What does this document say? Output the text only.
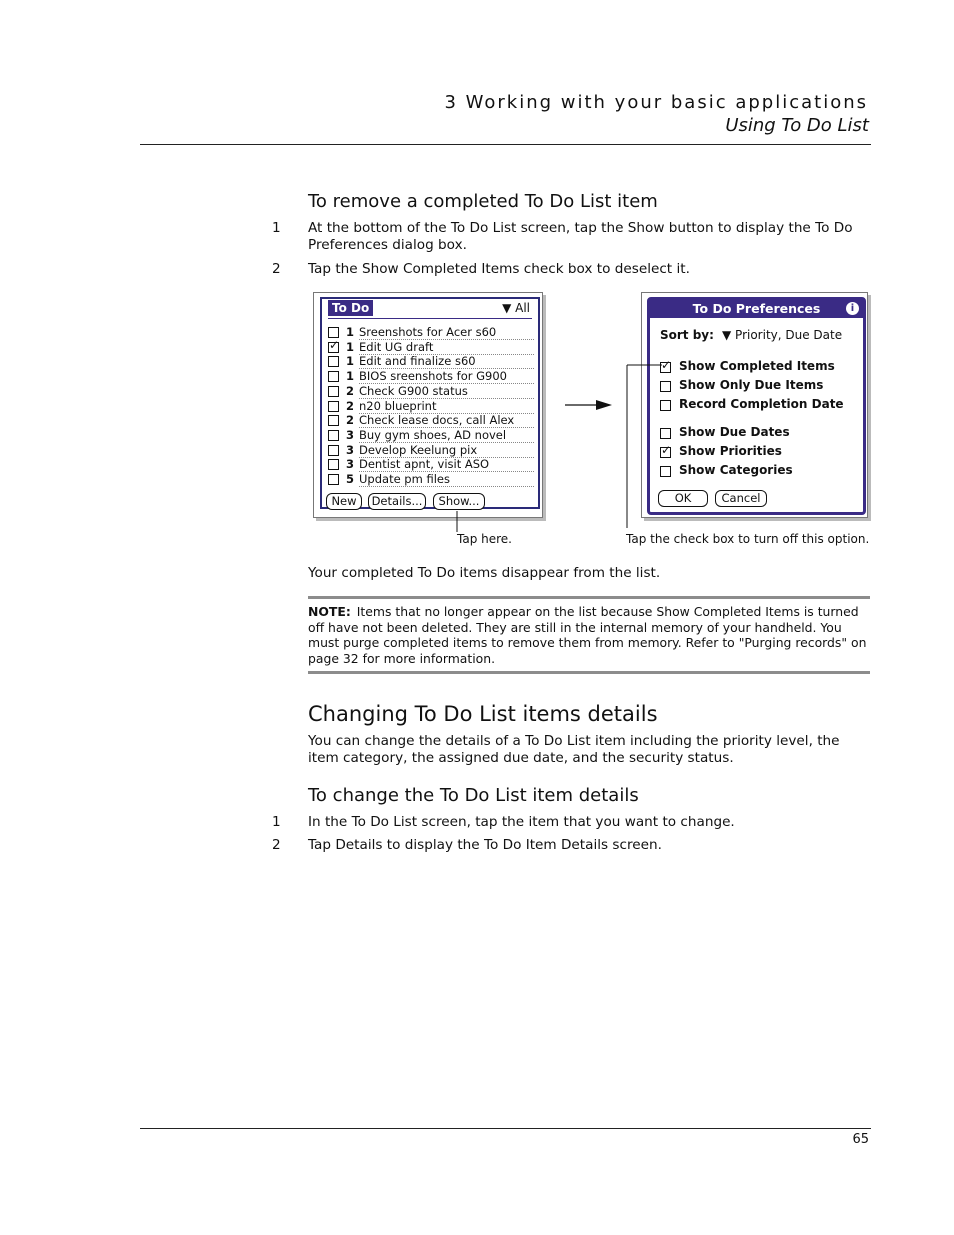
3 Working with your basic applications
Using To Do List
To remove a completed To Do List item
1 At the bottom of the To Do List screen, tap the Show button to display the To Do Preferences dialog box.
2 Tap the Show Completed Items check box to deselect it.
To Do	▼ All
1 Sreenshots for Acer s60
✓
1 Edit UG draft
1 Edit and finalize s60
1 BIOS sreenshots for G900
2 Check G900 status
2 n20 blueprint
2 Check lease docs, call Alex
3 Buy gym shoes, AD novel
3 Develop Keelung pix
3 Dentist apnt, visit ASO
5 Update pm files
New	Details...	Show...
To Do Preferences	i
Sort by: ▼ Priority, Due Date
✓
Show Completed Items
Show Only Due Items
Record Completion Date
Show Due Dates
✓
Show Priorities
Show Categories
OK	Cancel
Tap here.	Tap the check box to turn off this option.
Your completed To Do items disappear from the list.
NOTE: Items that no longer appear on the list because Show Completed Items is turned off have not been deleted. They are still in the internal memory of your handheld. You must purge completed items to remove them from memory. Refer to "Purging records" on page 32 for more information.
Changing To Do List items details
You can change the details of a To Do List item including the priority level, the item category, the assigned due date, and the security status.
To change the To Do List item details
1 In the To Do List screen, tap the item that you want to change.
2 Tap Details to display the To Do Item Details screen.
65
